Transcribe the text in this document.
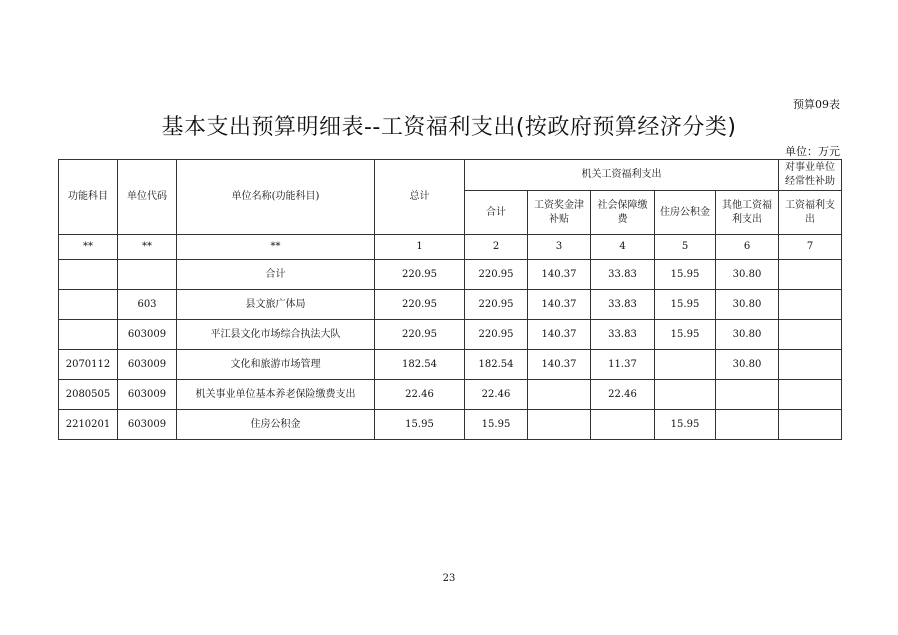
预算09表
基本支出预算明细表--工资福利支出(按政府预算经济分类)
单位：万元
功能科目	单位代码	单位名称(功能科目)	总计	机关工资福利支出					对事业单位经常性补助
				合计	工资奖金津补贴	社会保障缴费	住房公积金	其他工资福利支出	工资福利支出
**	**	**	1	2	3	4	5	6	7
		合计	220.95	220.95	140.37	33.83	15.95	30.80	
	603	县文旅广体局	220.95	220.95	140.37	33.83	15.95	30.80	
	603009	平江县文化市场综合执法大队	220.95	220.95	140.37	33.83	15.95	30.80	
2070112	603009	文化和旅游市场管理	182.54	182.54	140.37	11.37		30.80	
2080505	603009	机关事业单位基本养老保险缴费支出	22.46	22.46		22.46			
2210201	603009	住房公积金	15.95	15.95			15.95		
23
